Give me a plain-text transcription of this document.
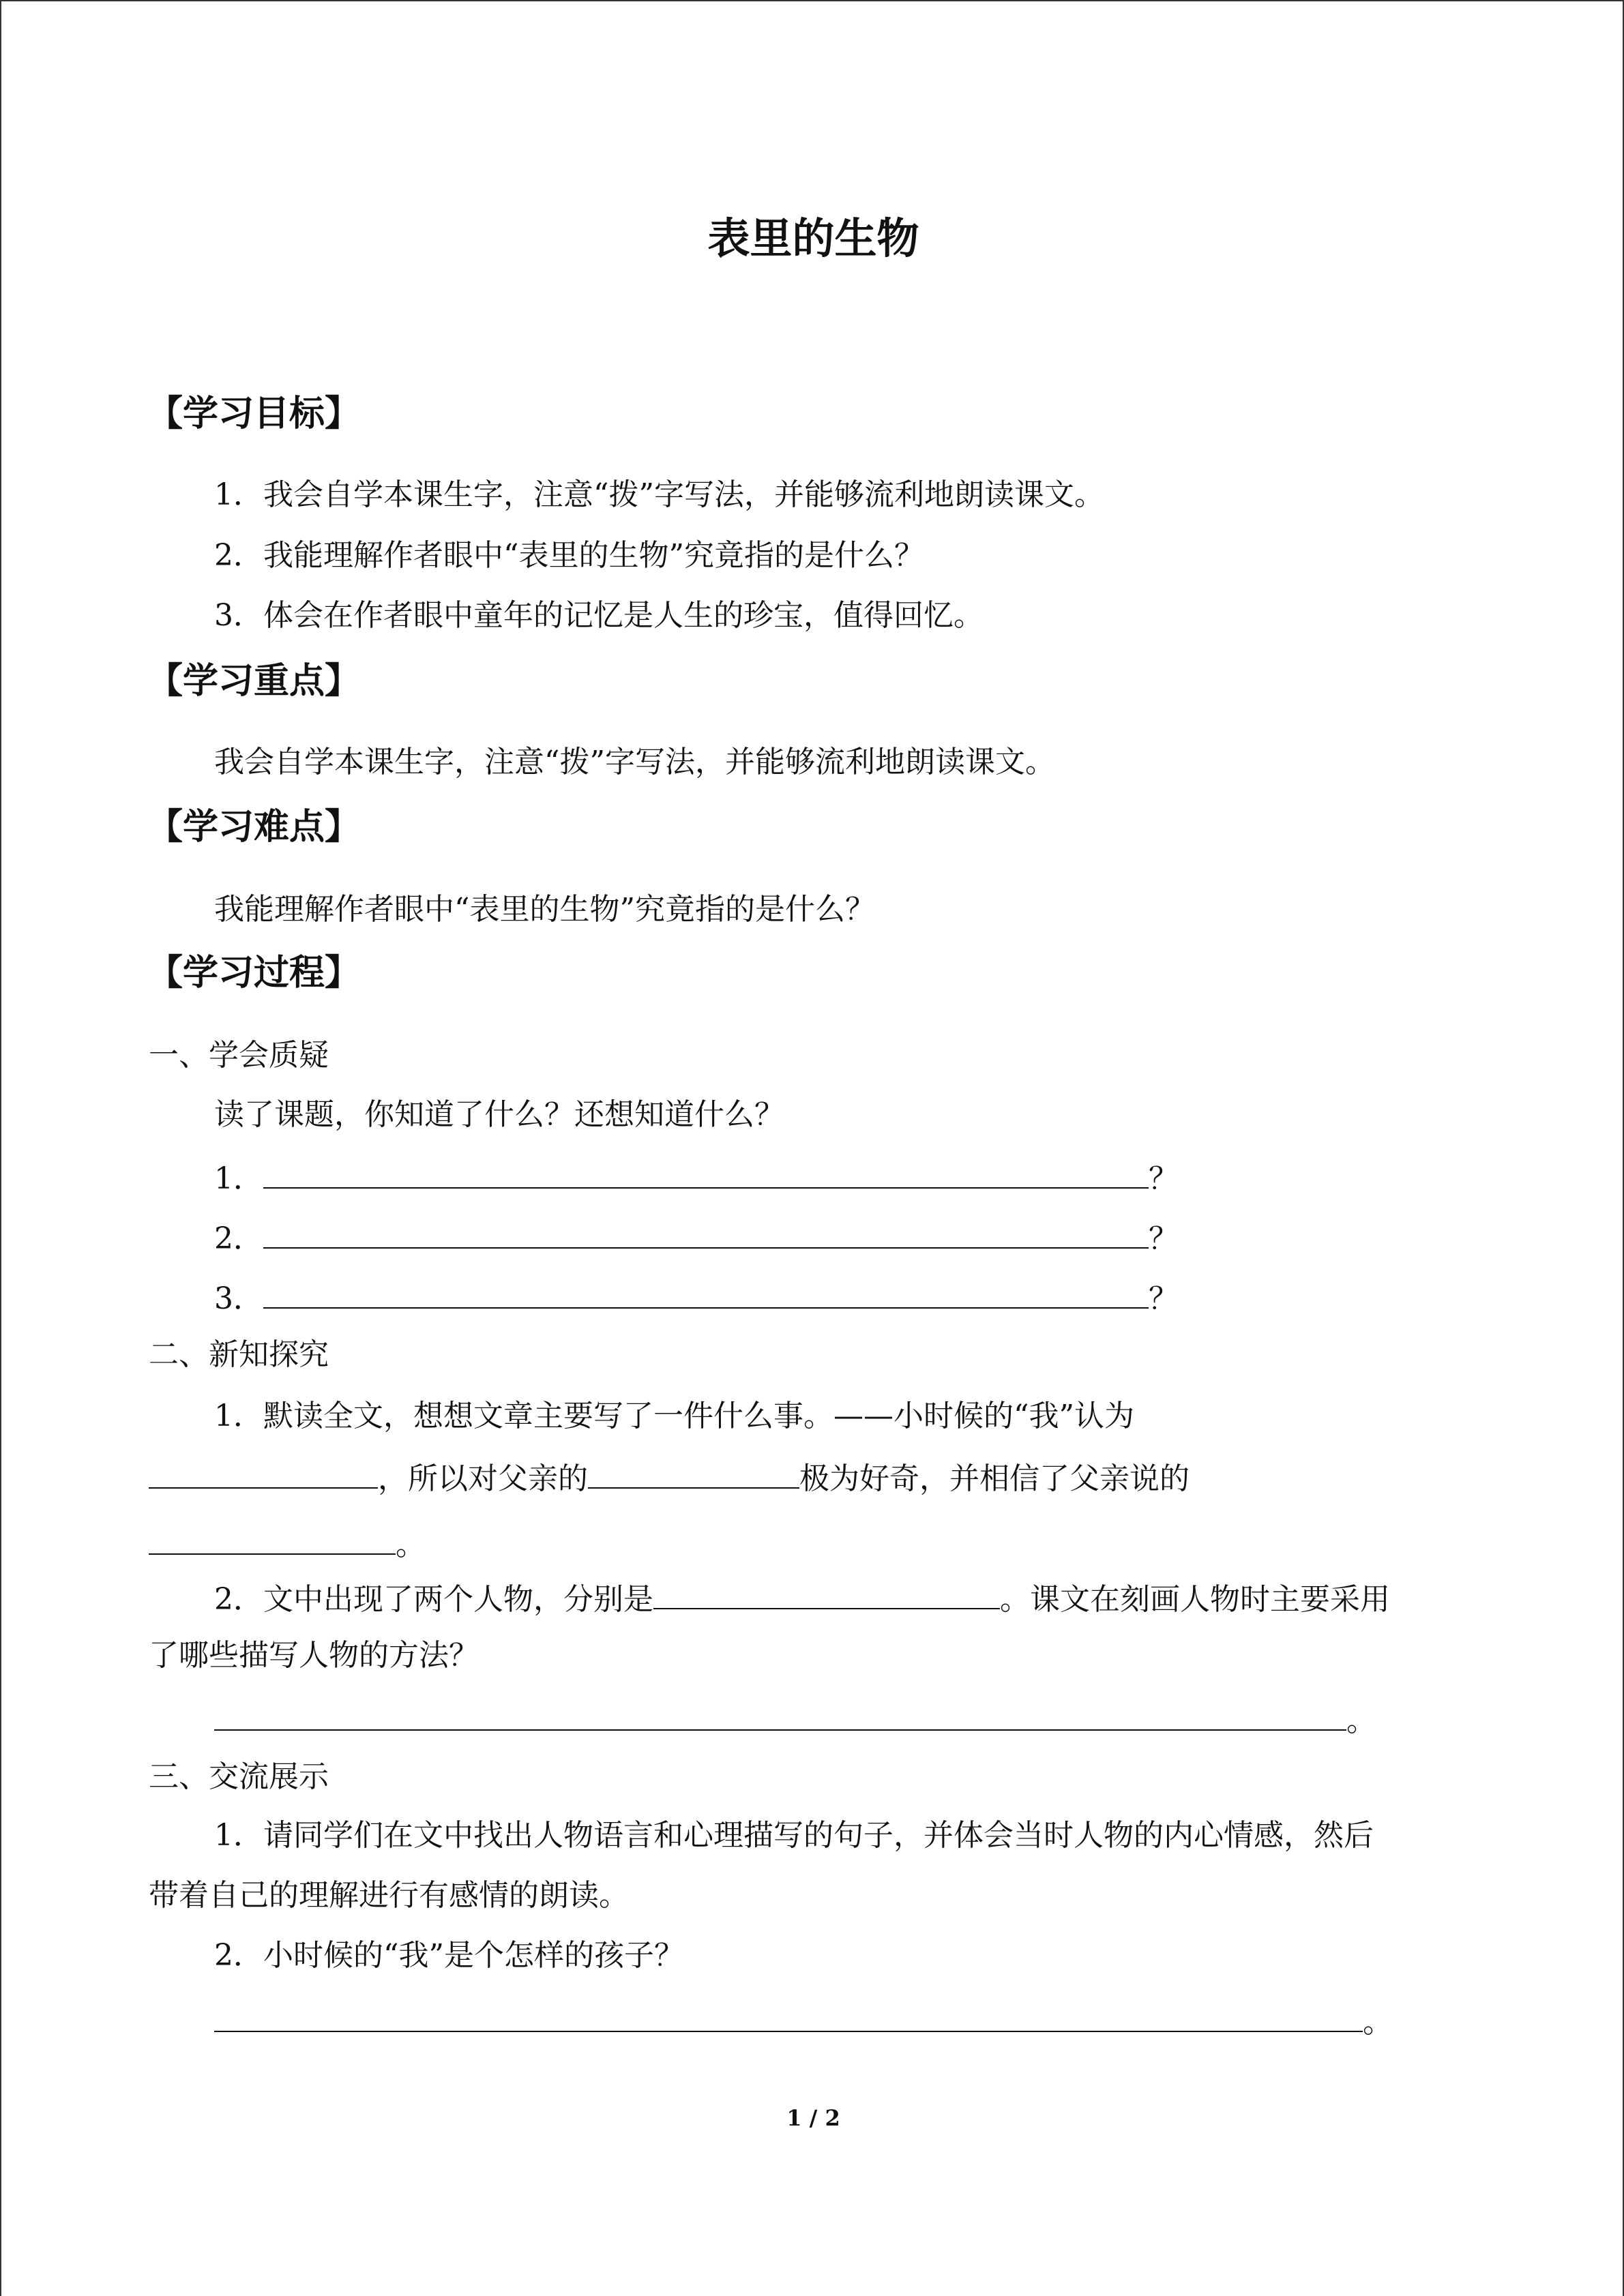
表里的生物
【学习目标】
1．我会自学本课生字，注意“拨”字写法，并能够流利地朗读课文。
2．我能理解作者眼中“表里的生物”究竟指的是什么？
3．体会在作者眼中童年的记忆是人生的珍宝，值得回忆。
【学习重点】
我会自学本课生字，注意“拨”字写法，并能够流利地朗读课文。
【学习难点】
我能理解作者眼中“表里的生物”究竟指的是什么？
【学习过程】
一、学会质疑
读了课题，你知道了什么？还想知道什么？
1．	？
2．	？
3．	？
二、新知探究
1．默读全文，想想文章主要写了一件什么事。——小时候的“我”认为
，所以对父亲的	极为好奇，并相信了父亲说的
。
2．文中出现了两个人物，分别是	。课文在刻画人物时主要采用
了哪些描写人物的方法？
。
三、交流展示
1．请同学们在文中找出人物语言和心理描写的句子，并体会当时人物的内心情感，然后
带着自己的理解进行有感情的朗读。
2．小时候的“我”是个怎样的孩子？
。
1 / 2
